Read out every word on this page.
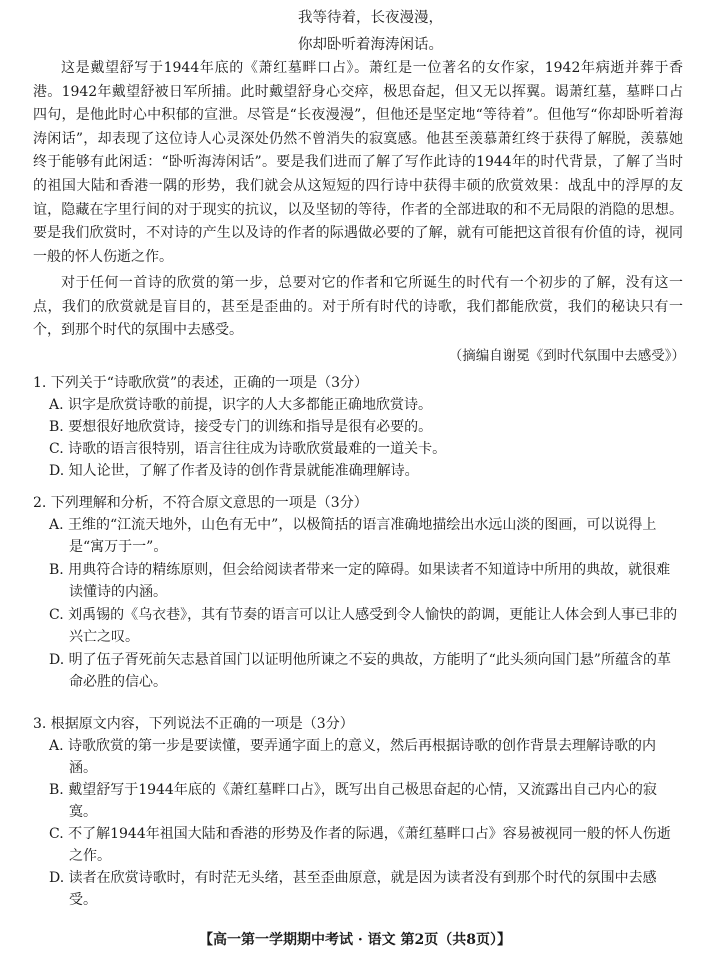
我等待着，长夜漫漫，
你却卧听着海涛闲话。

这是戴望舒写于1944年底的《萧红墓畔口占》。萧红是一位著名的女作家，1942年病逝并葬于香港。1942年戴望舒被日军所捕。此时戴望舒身心交瘁，极思奋起，但又无以挥翼。谒萧红墓，墓畔口占四句，是他此时心中积郁的宣泄。尽管是“长夜漫漫”，但他还是坚定地“等待着”。但他写“你却卧听着海涛闲话”，却表现了这位诗人心灵深处仍然不曾消失的寂寞感。他甚至羡慕萧红终于获得了解脱，羡慕她终于能够有此闲适：“卧听海涛闲话”。要是我们进而了解了写作此诗的1944年的时代背景，了解了当时的祖国大陆和香港一隅的形势，我们就会从这短短的四行诗中获得丰硕的欣赏效果：战乱中的浮厚的友谊，隐藏在字里行间的对于现实的抗议，以及坚韧的等待，作者的全部进取的和不无局限的消隐的思想。要是我们欣赏时，不对诗的产生以及诗的作者的际遇做必要的了解，就有可能把这首很有价值的诗，视同一般的怀人伤逝之作。

对于任何一首诗的欣赏的第一步，总要对它的作者和它所诞生的时代有一个初步的了解，没有这一点，我们的欣赏就是盲目的，甚至是歪曲的。对于所有时代的诗歌，我们都能欣赏，我们的秘诀只有一个，到那个时代的氛围中去感受。

（摘编自谢冕《到时代氛围中去感受》）

1. 下列关于“诗歌欣赏”的表述，正确的一项是（3分）

A. 识字是欣赏诗歌的前提，识字的人大多都能正确地欣赏诗。

B. 要想很好地欣赏诗，接受专门的训练和指导是很有必要的。

C. 诗歌的语言很特别，语言往往成为诗歌欣赏最难的一道关卡。

D. 知人论世，了解了作者及诗的创作背景就能准确理解诗。

2. 下列理解和分析，不符合原文意思的一项是（3分）

A. 王维的“江流天地外，山色有无中”，以极简括的语言准确地描绘出水远山淡的图画，可以说得上是“寓万于一”。

B. 用典符合诗的精练原则，但会给阅读者带来一定的障碍。如果读者不知道诗中所用的典故，就很难读懂诗的内涵。

C. 刘禹锡的《乌衣巷》，其有节奏的语言可以让人感受到令人愉快的韵调，更能让人体会到人事已非的兴亡之叹。

D. 明了伍子胥死前矢志悬首国门以证明他所谏之不妄的典故，方能明了“此头须向国门悬”所蕴含的革命必胜的信心。

3. 根据原文内容，下列说法不正确的一项是（3分）

A. 诗歌欣赏的第一步是要读懂，要弄通字面上的意义，然后再根据诗歌的创作背景去理解诗歌的内涵。

B. 戴望舒写于1944年底的《萧红墓畔口占》，既写出自己极思奋起的心情，又流露出自己内心的寂寞。

C. 不了解1944年祖国大陆和香港的形势及作者的际遇，《萧红墓畔口占》容易被视同一般的怀人伤逝之作。

D. 读者在欣赏诗歌时，有时茫无头绪，甚至歪曲原意，就是因为读者没有到那个时代的氛围中去感受。

【高一第一学期期中考试 · 语文 第2页（共8页）】
